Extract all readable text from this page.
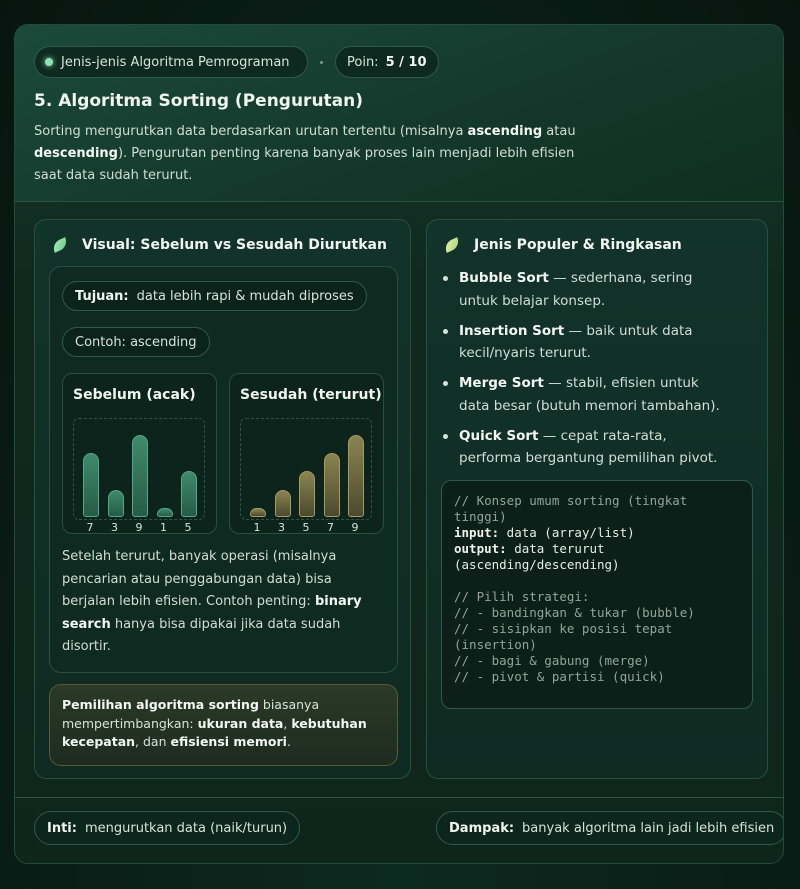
Jenis-jenis Algoritma Pemrograman	Poin: 5 / 10
5. Algoritma Sorting (Pengurutan)
Sorting mengurutkan data berdasarkan urutan tertentu (misalnya ascending atau descending). Pengurutan penting karena banyak proses lain menjadi lebih efisien saat data sudah terurut.
Visual: Sebelum vs Sesudah Diurutkan
Tujuan: data lebih rapi & mudah diproses
Contoh: ascending
Sebelum (acak)
7	3	9	1	5
Sesudah (terurut)
1	3	5	7	9
Setelah terurut, banyak operasi (misalnya pencarian atau penggabungan data) bisa berjalan lebih efisien. Contoh penting: binary search hanya bisa dipakai jika data sudah disortir.
Pemilihan algoritma sorting biasanya mempertimbangkan: ukuran data, kebutuhan kecepatan, dan efisiensi memori.
Jenis Populer & Ringkasan
Bubble Sort — sederhana, sering untuk belajar konsep.
Insertion Sort — baik untuk data kecil/nyaris terurut.
Merge Sort — stabil, efisien untuk data besar (butuh memori tambahan).
Quick Sort — cepat rata-rata, performa bergantung pemilihan pivot.
// Konsep umum sorting (tingkat
tinggi)
input: data (array/list)
output: data terurut
(ascending/descending)

// Pilih strategi:
// - bandingkan & tukar (bubble)
// - sisipkan ke posisi tepat
(insertion)
// - bagi & gabung (merge)
// - pivot & partisi (quick)
Inti: mengurutkan data (naik/turun)	Dampak: banyak algoritma lain jadi lebih efisien
